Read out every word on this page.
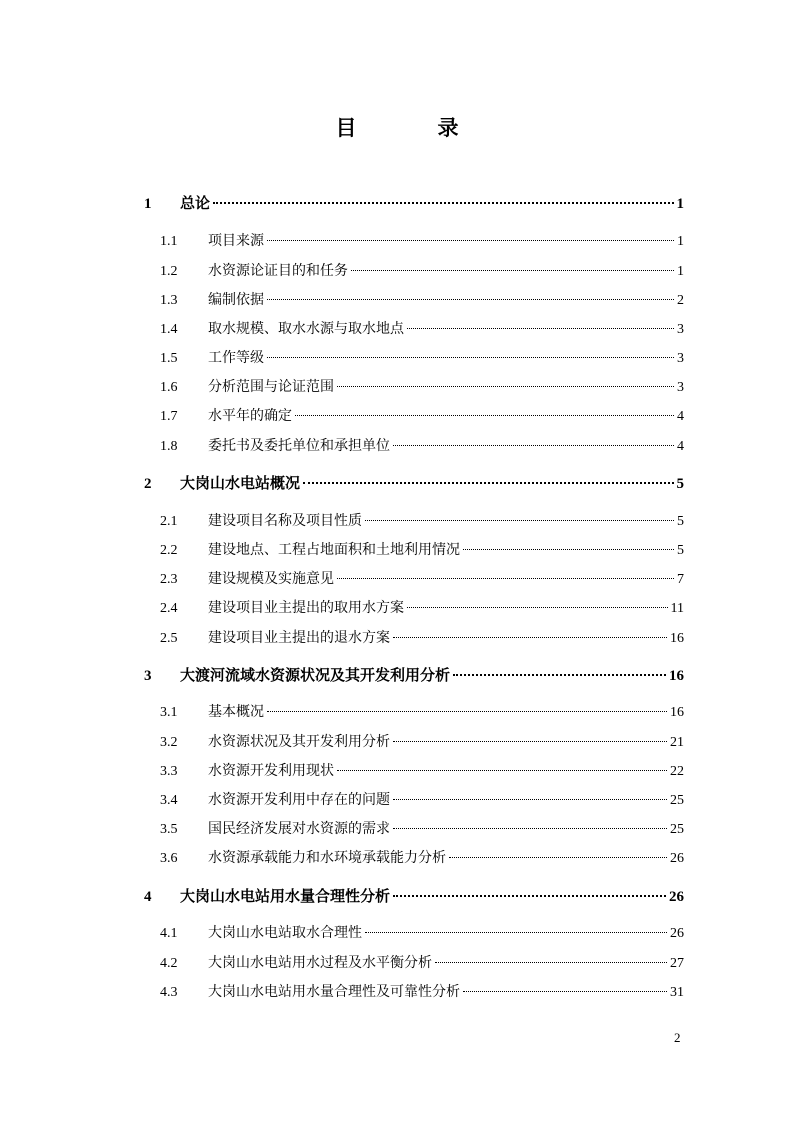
目　录
1	总论	1
1.1	项目来源	1
1.2	水资源论证目的和任务	1
1.3	编制依据	2
1.4	取水规模、取水水源与取水地点	3
1.5	工作等级	3
1.6	分析范围与论证范围	3
1.7	水平年的确定	4
1.8	委托书及委托单位和承担单位	4
2	大岗山水电站概况	5
2.1	建设项目名称及项目性质	5
2.2	建设地点、工程占地面积和土地利用情况	5
2.3	建设规模及实施意见	7
2.4	建设项目业主提出的取用水方案	11
2.5	建设项目业主提出的退水方案	16
3	大渡河流域水资源状况及其开发利用分析	16
3.1	基本概况	16
3.2	水资源状况及其开发利用分析	21
3.3	水资源开发利用现状	22
3.4	水资源开发利用中存在的问题	25
3.5	国民经济发展对水资源的需求	25
3.6	水资源承载能力和水环境承载能力分析	26
4	大岗山水电站用水量合理性分析	26
4.1	大岗山水电站取水合理性	26
4.2	大岗山水电站用水过程及水平衡分析	27
4.3	大岗山水电站用水量合理性及可靠性分析	31
2
